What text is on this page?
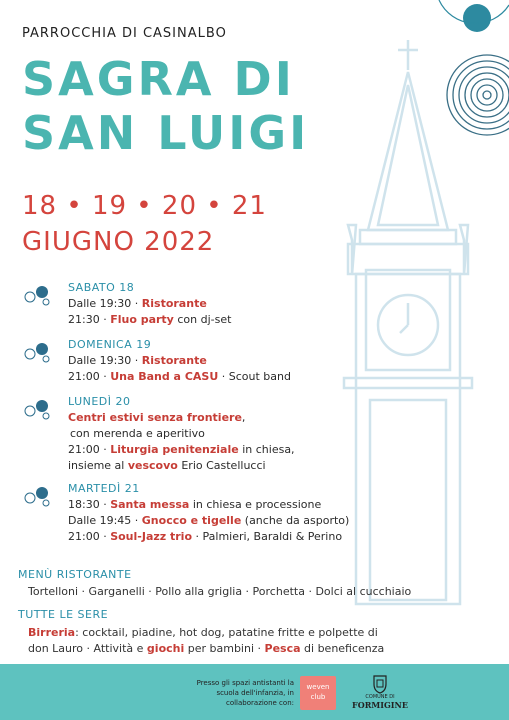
PARROCCHIA DI CASINALBO
SAGRA DI
SAN LUIGI
18 • 19 • 20 • 21
GIUGNO 2022
SABATO 18
Dalle 19:30 · Ristorante
21:30 · Fluo party con dj-set
DOMENICA 19
Dalle 19:30 · Ristorante
21:00 · Una Band a CASU · Scout band
LUNEDÌ 20
Centri estivi senza frontiere,
con merenda e aperitivo
21:00 · Liturgia penitenziale in chiesa,
insieme al vescovo Erio Castellucci
MARTEDÌ 21
18:30 · Santa messa in chiesa e processione
Dalle 19:45 · Gnocco e tigelle (anche da asporto)
21:00 · Soul-Jazz trio · Palmieri, Baraldi & Perino
MENÙ RISTORANTE
Tortelloni · Garganelli · Pollo alla griglia · Porchetta · Dolci al cucchiaio
TUTTE LE SERE
Birreria: cocktail, piadine, hot dog, patatine fritte e polpette di
don Lauro · Attività e giochi per bambini · Pesca di beneficenza
Presso gli spazi antistanti la scuola dell'infanzia, in collaborazione con:
weven club	COMUNE DI
FORMIGINE
